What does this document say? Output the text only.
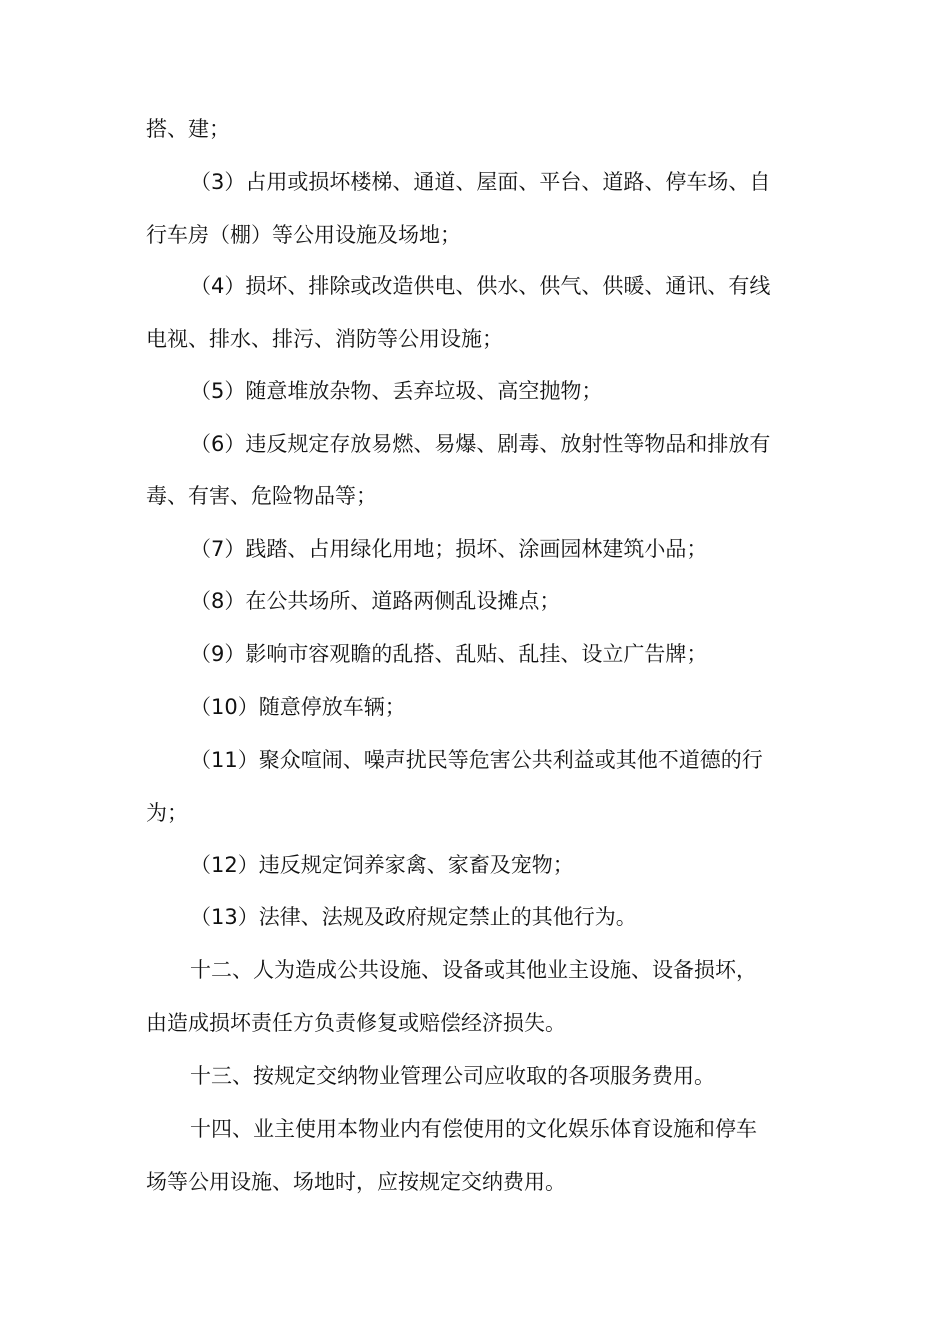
搭、建；
（3）占用或损坏楼梯、通道、屋面、平台、道路、停车场、自
行车房（棚）等公用设施及场地；
（4）损坏、排除或改造供电、供水、供气、供暖、通讯、有线
电视、排水、排污、消防等公用设施；
（5）随意堆放杂物、丢弃垃圾、高空抛物；
（6）违反规定存放易燃、易爆、剧毒、放射性等物品和排放有
毒、有害、危险物品等；
（7）践踏、占用绿化用地；损坏、涂画园林建筑小品；
（8）在公共场所、道路两侧乱设摊点；
（9）影响市容观瞻的乱搭、乱贴、乱挂、设立广告牌；
（10）随意停放车辆；
（11）聚众喧闹、噪声扰民等危害公共利益或其他不道德的行
为；
（12）违反规定饲养家禽、家畜及宠物；
（13）法律、法规及政府规定禁止的其他行为。
十二、人为造成公共设施、设备或其他业主设施、设备损坏，
由造成损坏责任方负责修复或赔偿经济损失。
十三、按规定交纳物业管理公司应收取的各项服务费用。
十四、业主使用本物业内有偿使用的文化娱乐体育设施和停车
场等公用设施、场地时，应按规定交纳费用。
